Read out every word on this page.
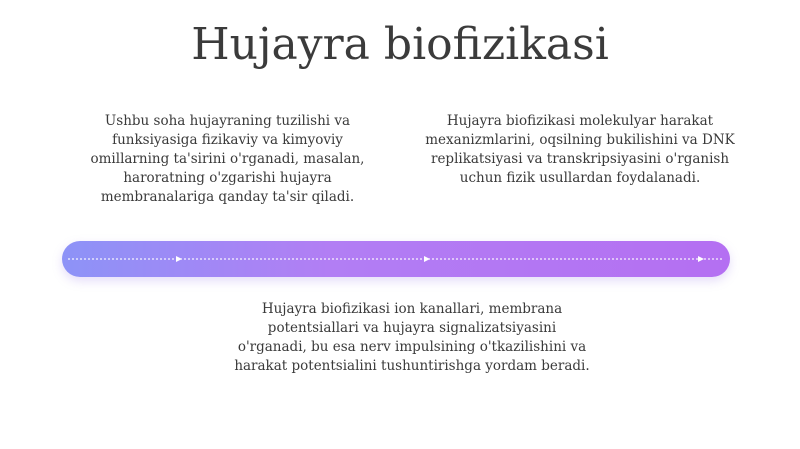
Hujayra biofizikasi
Ushbu soha hujayraning tuzilishi va funksiyasiga fizikaviy va kimyoviy omillarning ta'sirini o'rganadi, masalan, haroratning o'zgarishi hujayra membranalariga qanday ta'sir qiladi.
Hujayra biofizikasi molekulyar harakat mexanizmlarini, oqsilning bukilishini va DNK replikatsiyasi va transkripsiyasini o'rganish uchun fizik usullardan foydalanadi.
Hujayra biofizikasi ion kanallari, membrana potentsiallari va hujayra signalizatsiyasini o'rganadi, bu esa nerv impulsining o'tkazilishini va harakat potentsialini tushuntirishga yordam beradi.
